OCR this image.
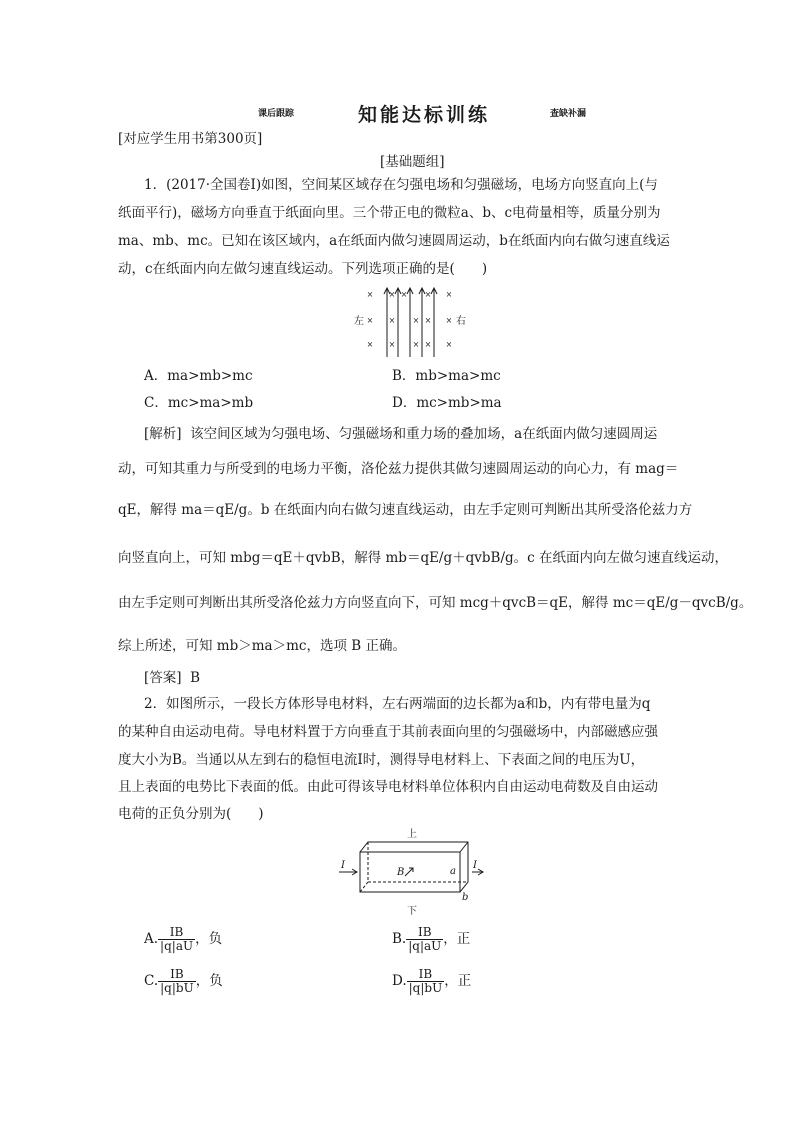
课后跟踪	知能达标训练	查缺补漏
[对应学生用书第300页]
[基础题组]
1．(2017·全国卷Ⅰ)如图，空间某区域存在匀强电场和匀强磁场，电场方向竖直向上(与
纸面平行)，磁场方向垂直于纸面向里。三个带正电的微粒a、b、c电荷量相等，质量分别为
ma、mb、mc。已知在该区域内，a在纸面内做匀速圆周运动，b在纸面内向右做匀速直线运
动，c在纸面内向左做匀速直线运动。下列选项正确的是(　　)
× × × × ×
× × × × ×
× × × × ×
左	右
A．ma>mb>mc	B．mb>ma>mc
C．mc>ma>mb	D．mc>mb>ma
[解析] 该空间区域为匀强电场、匀强磁场和重力场的叠加场，a在纸面内做匀速圆周运
动，可知其重力与所受到的电场力平衡，洛伦兹力提供其做匀速圆周运动的向心力，有 mag＝
qE，解得 ma＝qE/g。b 在纸面内向右做匀速直线运动，由左手定则可判断出其所受洛伦兹力方
向竖直向上，可知 mbg＝qE＋qvbB，解得 mb＝qE/g＋qvbB/g。c 在纸面内向左做匀速直线运动，
由左手定则可判断出其所受洛伦兹力方向竖直向下，可知 mcg＋qvcB＝qE，解得 mc＝qE/g－qvcB/g。
综上所述，可知 mb＞ma＞mc，选项 B 正确。
[答案] B
2．如图所示，一段长方体形导电材料，左右两端面的边长都为a和b，内有带电量为q
的某种自由运动电荷。导电材料置于方向垂直于其前表面向里的匀强磁场中，内部磁感应强
度大小为B。当通以从左到右的稳恒电流I时，测得导电材料上、下表面之间的电压为U，
且上表面的电势比下表面的低。由此可得该导电材料单位体积内自由运动电荷数及自由运动
电荷的正负分别为(　　)
I	I
B	a
b
上
下
A. $\frac{IB}{|q|aU}$ ，负	B. $\frac{IB}{|q|aU}$ ，正
C. $\frac{IB}{|q|bU}$ ，负	D. $\frac{IB}{|q|bU}$ ，正
